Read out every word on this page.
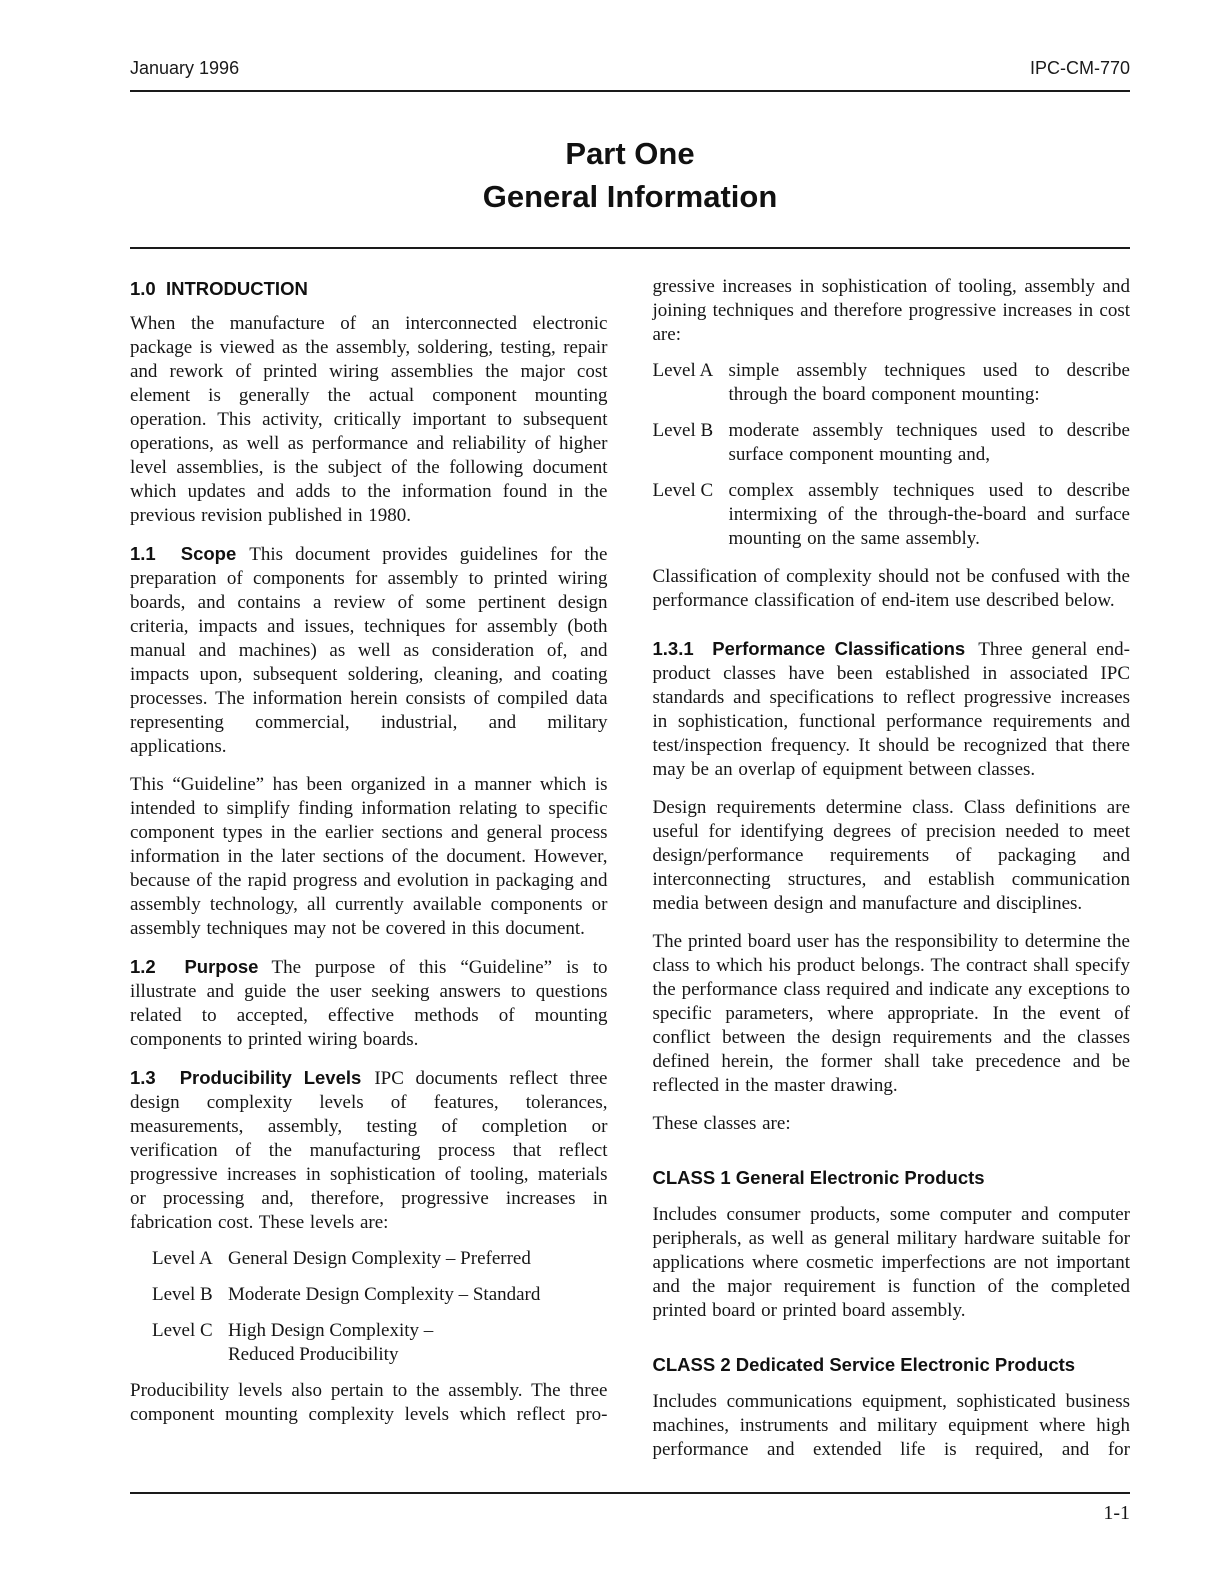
January 1996	IPC-CM-770
Part One
General Information
1.0  INTRODUCTION

When the manufacture of an interconnected electronic package is viewed as the assembly, soldering, testing, repair and rework of printed wiring assemblies the major cost element is generally the actual component mounting operation. This activity, critically important to subsequent operations, as well as performance and reliability of higher level assemblies, is the subject of the following document which updates and adds to the information found in the previous revision published in 1980.

1.1  Scope This document provides guidelines for the preparation of components for assembly to printed wiring boards, and contains a review of some pertinent design criteria, impacts and issues, techniques for assembly (both manual and machines) as well as consideration of, and impacts upon, subsequent soldering, cleaning, and coating processes. The information herein consists of compiled data representing commercial, industrial, and military applications.

This “Guideline” has been organized in a manner which is intended to simplify finding information relating to specific component types in the earlier sections and general process information in the later sections of the document. However, because of the rapid progress and evolution in packaging and assembly technology, all currently available components or assembly techniques may not be covered in this document.

1.2  Purpose The purpose of this “Guideline” is to illustrate and guide the user seeking answers to questions related to accepted, effective methods of mounting components to printed wiring boards.

1.3  Producibility Levels IPC documents reflect three design complexity levels of features, tolerances, measurements, assembly, testing of completion or verification of the manufacturing process that reflect progressive increases in sophistication of tooling, materials or processing and, therefore, progressive increases in fabrication cost. These levels are:

Level A General Design Complexity – Preferred
Level B Moderate Design Complexity – Standard
Level C High Design Complexity –
Reduced Producibility

Producibility levels also pertain to the assembly. The three component mounting complexity levels which reflect pro-

gressive increases in sophistication of tooling, assembly and joining techniques and therefore progressive increases in cost are:

Level A simple assembly techniques used to describe through the board component mounting:
Level B moderate assembly techniques used to describe surface component mounting and,
Level C complex assembly techniques used to describe intermixing of the through-the-board and surface mounting on the same assembly.

Classification of complexity should not be confused with the performance classification of end-item use described below.

1.3.1  Performance Classifications Three general end-product classes have been established in associated IPC standards and specifications to reflect progressive increases in sophistication, functional performance requirements and test/inspection frequency. It should be recognized that there may be an overlap of equipment between classes.

Design requirements determine class. Class definitions are useful for identifying degrees of precision needed to meet design/performance requirements of packaging and interconnecting structures, and establish communication media between design and manufacture and disciplines.

The printed board user has the responsibility to determine the class to which his product belongs. The contract shall specify the performance class required and indicate any exceptions to specific parameters, where appropriate. In the event of conflict between the design requirements and the classes defined herein, the former shall take precedence and be reflected in the master drawing.

These classes are:

CLASS 1 General Electronic Products

Includes consumer products, some computer and computer peripherals, as well as general military hardware suitable for applications where cosmetic imperfections are not important and the major requirement is function of the completed printed board or printed board assembly.

CLASS 2 Dedicated Service Electronic Products

Includes communications equipment, sophisticated business machines, instruments and military equipment where high performance and extended life is required, and for

1-1
